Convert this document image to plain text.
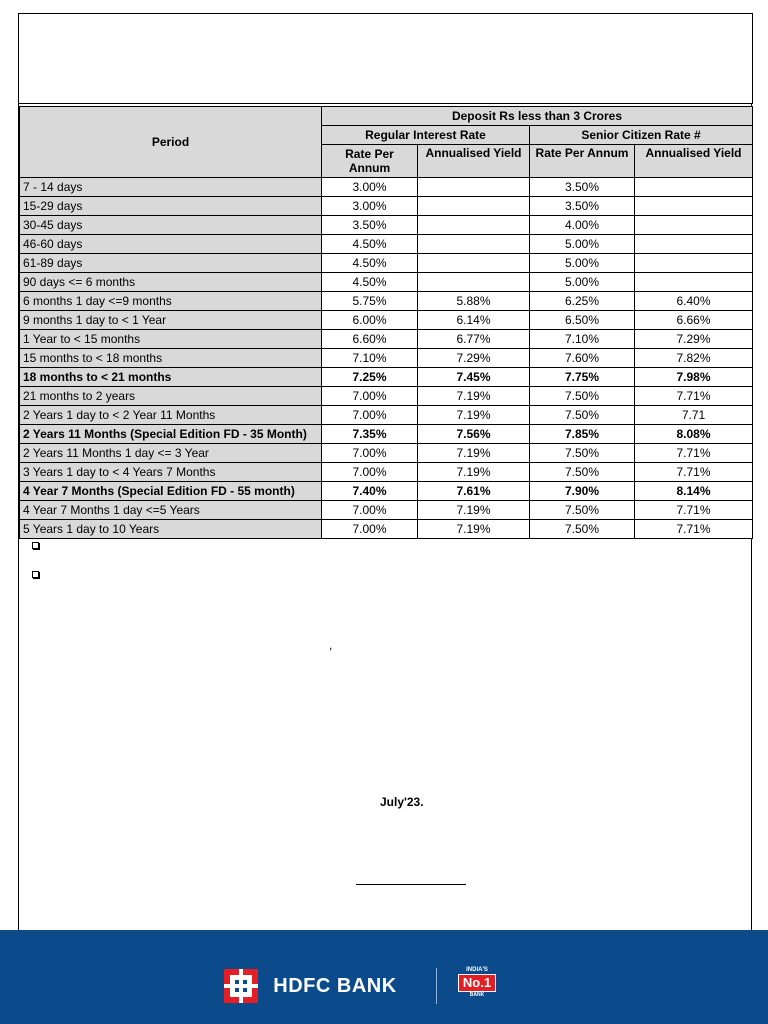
Period	Deposit Rs less than 3 Crores			
	Regular Interest Rate		Senior Citizen Rate #	
	Rate Per Annum	Annualised Yield	Rate Per Annum	Annualised Yield
7 - 14 days	3.00%		3.50%	
15-29 days	3.00%		3.50%	
30-45 days	3.50%		4.00%	
46-60 days	4.50%		5.00%	
61-89 days	4.50%		5.00%	
90 days <= 6 months	4.50%		5.00%	
6 months 1 day <=9 months	5.75%	5.88%	6.25%	6.40%
9 months 1 day to < 1 Year	6.00%	6.14%	6.50%	6.66%
1 Year to < 15 months	6.60%	6.77%	7.10%	7.29%
15 months to < 18 months	7.10%	7.29%	7.60%	7.82%
18 months to < 21 months	7.25%	7.45%	7.75%	7.98%
21 months to 2 years	7.00%	7.19%	7.50%	7.71%
2 Years 1 day to < 2 Year 11 Months	7.00%	7.19%	7.50%	7.71
2 Years 11 Months (Special Edition FD - 35 Month)	7.35%	7.56%	7.85%	8.08%
2 Years 11 Months 1 day <= 3 Year	7.00%	7.19%	7.50%	7.71%
3 Years 1 day to < 4 Years 7 Months	7.00%	7.19%	7.50%	7.71%
4 Year 7 Months (Special Edition FD - 55 month)	7.40%	7.61%	7.90%	8.14%
4 Year 7 Months 1 day <=5 Years	7.00%	7.19%	7.50%	7.71%
5 Years 1 day to 10 Years	7.00%	7.19%	7.50%	7.71%
,
July'23.
HDFC BANK
INDIA'S
No.1
BANK
